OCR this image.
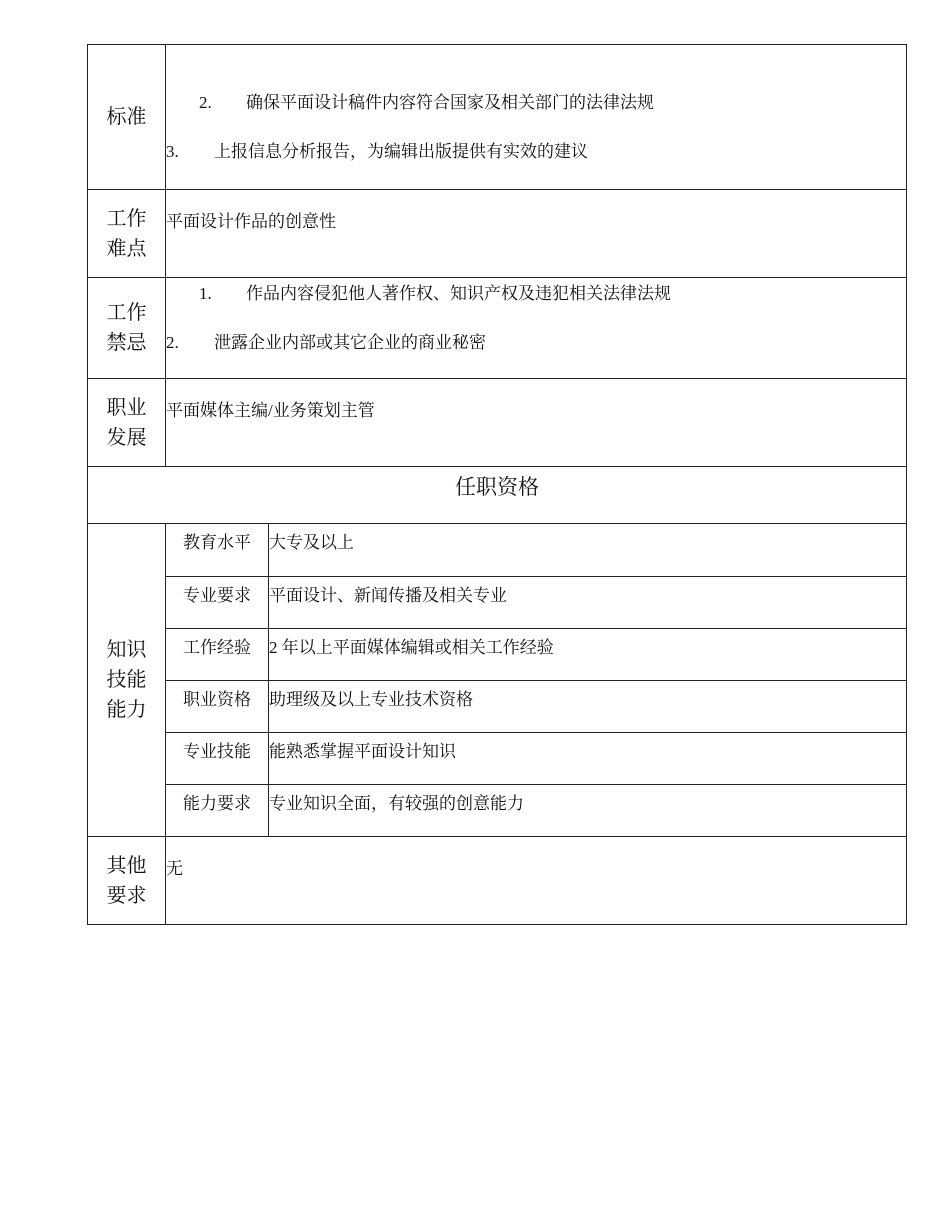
标准

2. 确保平面设计稿件内容符合国家及相关部门的法律法规
3. 上报信息分析报告，为编辑出版提供有实效的建议

工作
难点

平面设计作品的创意性

工作
禁忌

1. 作品内容侵犯他人著作权、知识产权及违犯相关法律法规
2. 泄露企业内部或其它企业的商业秘密

职业
发展

平面媒体主编/业务策划主管

任职资格

知识
技能
能力

教育水平	大专及以上
专业要求	平面设计、新闻传播及相关专业
工作经验	2 年以上平面媒体编辑或相关工作经验
职业资格	助理级及以上专业技术资格
专业技能	能熟悉掌握平面设计知识
能力要求	专业知识全面，有较强的创意能力

其他
要求

无
